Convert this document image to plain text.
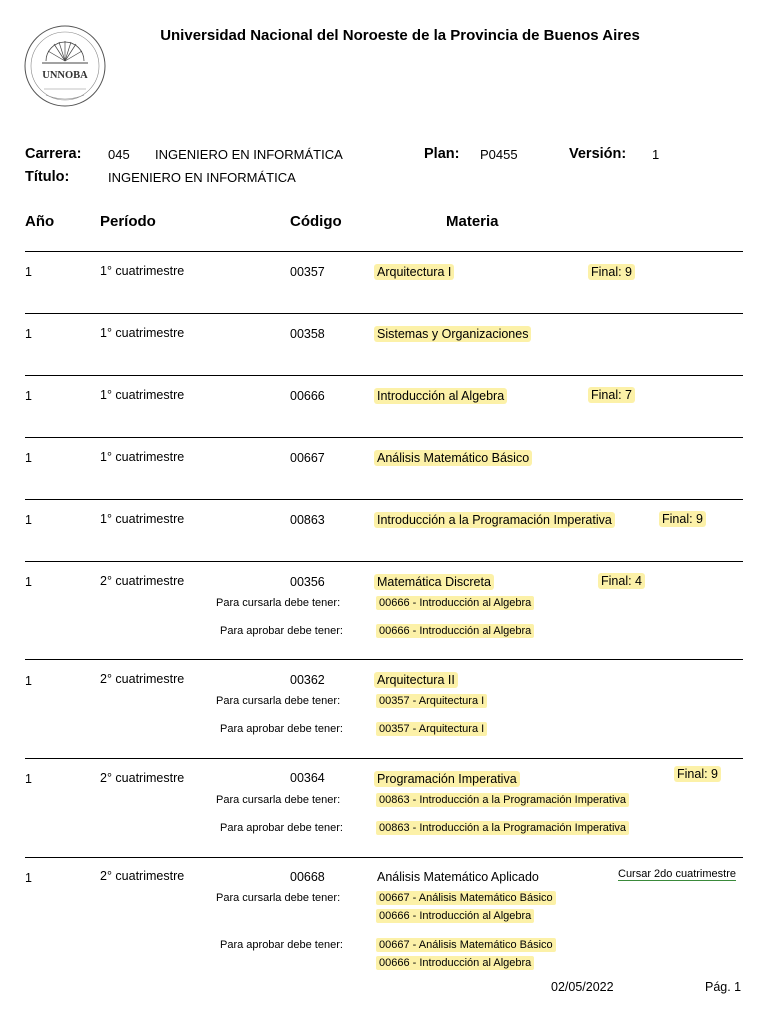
UNNOBA
Universidad Nacional del Noroeste de la Provincia de Buenos Aires
Carrera: 045 INGENIERO EN INFORMÁTICA	Plan: P0455	Versión: 1
Título:	INGENIERO EN INFORMÁTICA
Año	Período	Código	Materia
1	1° cuatrimestre	00357	Arquitectura I	Final: 9
1	1° cuatrimestre	00358	Sistemas y Organizaciones
1	1° cuatrimestre	00666	Introducción al Algebra	Final: 7
1	1° cuatrimestre	00667	Análisis Matemático Básico
1	1° cuatrimestre	00863	Introducción a la Programación Imperativa	Final: 9
1	2° cuatrimestre	00356	Matemática Discreta	Final: 4
Para cursarla debe tener:	00666 - Introducción al Algebra
Para aprobar debe tener:	00666 - Introducción al Algebra
1	2° cuatrimestre	00362	Arquitectura II
Para cursarla debe tener:	00357 - Arquitectura I
Para aprobar debe tener:	00357 - Arquitectura I
1	2° cuatrimestre	00364	Programación Imperativa	Final: 9
Para cursarla debe tener:	00863 - Introducción a la Programación Imperativa
Para aprobar debe tener:	00863 - Introducción a la Programación Imperativa
1	2° cuatrimestre	00668	Análisis Matemático Aplicado	Cursar 2do cuatrimestre
Para cursarla debe tener:	00667 - Análisis Matemático Básico
00666 - Introducción al Algebra
Para aprobar debe tener:	00667 - Análisis Matemático Básico
00666 - Introducción al Algebra
02/05/2022	Pág. 1
